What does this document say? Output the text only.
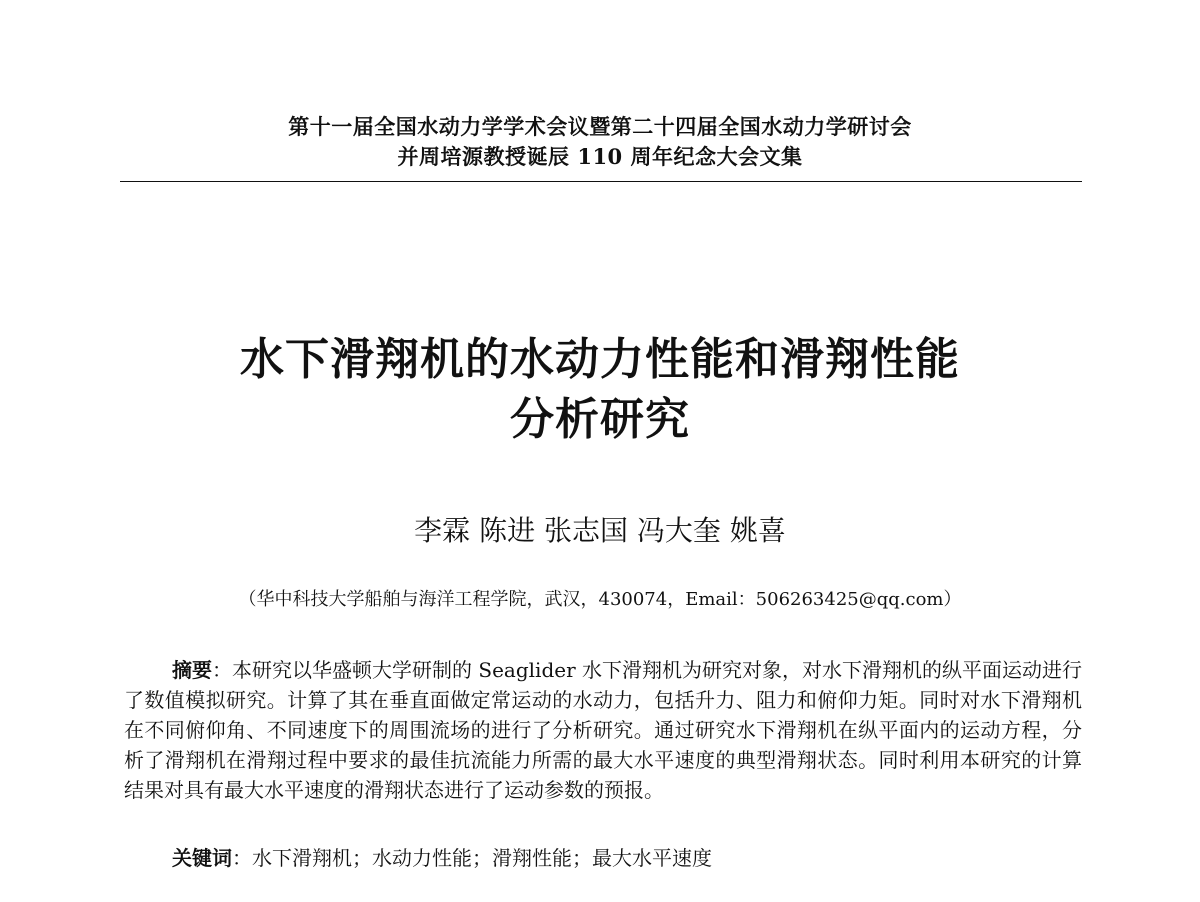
第十一届全国水动力学学术会议暨第二十四届全国水动力学研讨会
并周培源教授诞辰 110 周年纪念大会文集
水下滑翔机的水动力性能和滑翔性能
分析研究
李霖 陈进 张志国 冯大奎 姚喜
（华中科技大学船舶与海洋工程学院，武汉，430074，Email：506263425@qq.com）
摘要：本研究以华盛顿大学研制的 Seaglider 水下滑翔机为研究对象，对水下滑翔机的纵平面运动进行了数值模拟研究。计算了其在垂直面做定常运动的水动力，包括升力、阻力和俯仰力矩。同时对水下滑翔机在不同俯仰角、不同速度下的周围流场的进行了分析研究。通过研究水下滑翔机在纵平面内的运动方程，分析了滑翔机在滑翔过程中要求的最佳抗流能力所需的最大水平速度的典型滑翔状态。同时利用本研究的计算结果对具有最大水平速度的滑翔状态进行了运动参数的预报。
关键词：水下滑翔机；水动力性能；滑翔性能；最大水平速度
